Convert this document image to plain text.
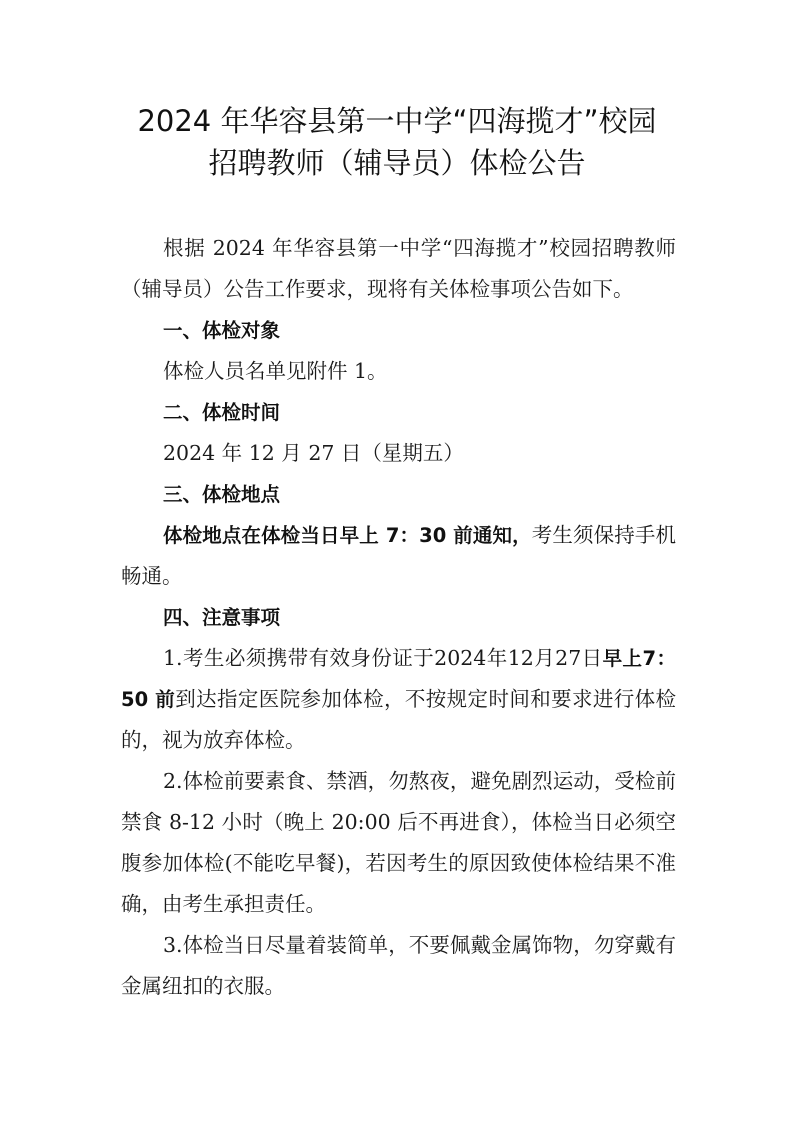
2024 年华容县第一中学“四海揽才”校园
招聘教师（辅导员）体检公告

根据 2024 年华容县第一中学“四海揽才”校园招聘教师（辅导员）公告工作要求，现将有关体检事项公告如下。

一、体检对象

体检人员名单见附件 1。

二、体检时间

2024 年 12 月 27 日（星期五）

三、体检地点

体检地点在体检当日早上 7：30 前通知，考生须保持手机畅通。

四、注意事项

1.考生必须携带有效身份证于2024年12月27日早上7：50 前到达指定医院参加体检，不按规定时间和要求进行体检的，视为放弃体检。

2.体检前要素食、禁酒，勿熬夜，避免剧烈运动，受检前禁食 8-12 小时（晚上 20:00 后不再进食），体检当日必须空腹参加体检(不能吃早餐)，若因考生的原因致使体检结果不准确，由考生承担责任。

3.体检当日尽量着装简单，不要佩戴金属饰物，勿穿戴有金属纽扣的衣服。
